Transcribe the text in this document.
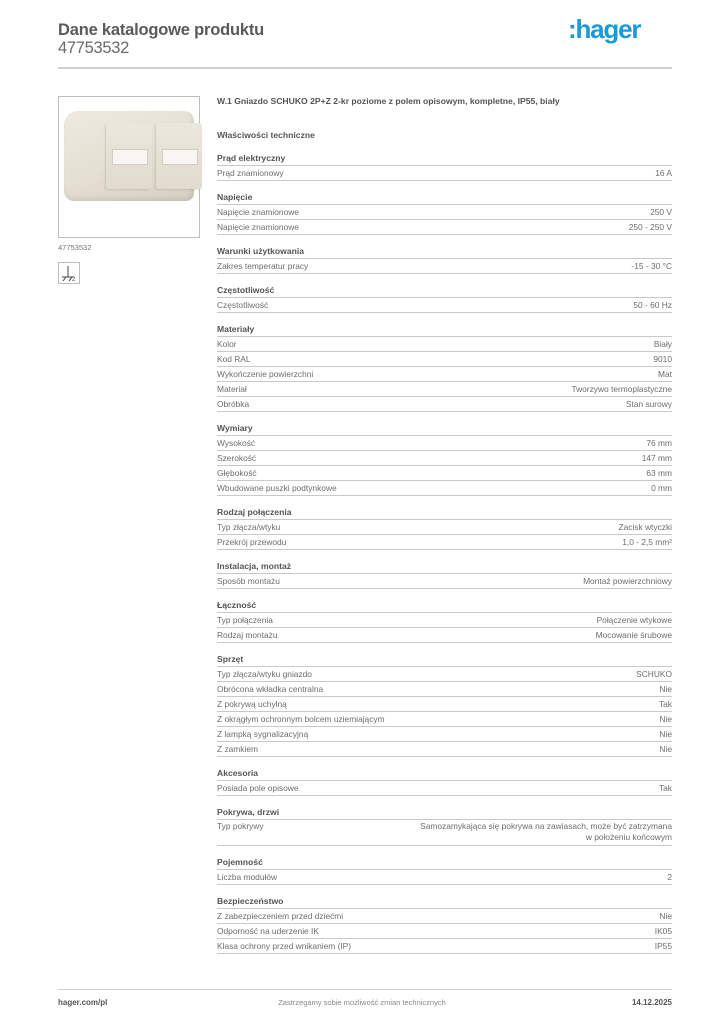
Dane katalogowe produktu
47753532
:hager
47753532
2
W.1 Gniazdo SCHUKO 2P+Z 2-kr poziome z polem opisowym, kompletne, IP55, biały
Właściwości techniczne
Prąd elektryczny
Prąd znamionowy	16 A
Napięcie
Napięcie znamionowe	250 V
Napięcie znamionowe	250 - 250 V
Warunki użytkowania
Zakres temperatur pracy	-15 - 30 °C
Częstotliwość
Częstotliwość	50 - 60 Hz
Materiały
Kolor	Biały
Kod RAL	9010
Wykończenie powierzchni	Mat
Materiał	Tworzywo termoplastyczne
Obróbka	Stan surowy
Wymiary
Wysokość	76 mm
Szerokość	147 mm
Głębokość	63 mm
Wbudowane puszki podtynkowe	0 mm
Rodzaj połączenia
Typ złącza/wtyku	Zacisk wtyczki
Przekrój przewodu	1,0 - 2,5 mm²
Instalacja, montaż
Sposób montażu	Montaż powierzchniowy
Łączność
Typ połączenia	Połączenie wtykowe
Rodzaj montażu	Mocowanie śrubowe
Sprzęt
Typ złącza/wtyku gniazdo	SCHUKO
Obrócona wkładka centralna	Nie
Z pokrywą uchylną	Tak
Z okrągłym ochronnym bolcem uziemiającym	Nie
Z lampką sygnalizacyjną	Nie
Z zamkiem	Nie
Akcesoria
Posiada pole opisowe	Tak
Pokrywa, drzwi
Typ pokrywy	Samozamykająca się pokrywa na zawiasach, może być zatrzymana w położeniu końcowym
Pojemność
Liczba modułów	2
Bezpieczeństwo
Z zabezpieczeniem przed dziećmi	Nie
Odporność na uderzenie IK	IK05
Klasa ochrony przed wnikaniem (IP)	IP55
hager.com/pl	Zastrzegamy sobie możliwość zmian technicznych	14.12.2025
